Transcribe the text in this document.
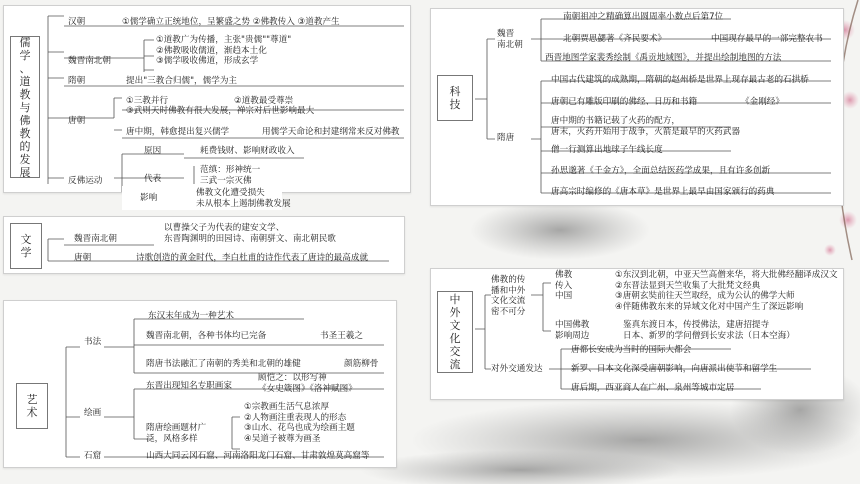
儒
学
、
道
教
与
佛
教
的
发
展
汉朝	①儒学确立正统地位，呈繁盛之势 ②佛教传入 ③道教产生
魏晋南北朝
①道教广为传播，主张"贵儒""尊道"
②佛教吸收儒道，渐趋本土化
③儒学吸收佛道，形成玄学
隋朝	提出"三教合归儒"，儒学为主
唐朝
①三教并行	②道教最受尊崇
③武则天时佛教有很大发展，禅宗对后世影响最大
唐中期，韩愈提出复兴儒学	用儒学天命论和封建纲常来反对佛教
反佛运动
原因	耗费钱财、影响财政收入
代表
范缜：形神统一
三武一宗灭佛
影响	佛教文化遭受损失
未从根本上遏制佛教发展
文
学
魏晋南北朝
以曹操父子为代表的建安文学、
东晋陶渊明的田园诗、南朝骈文、南北朝民歌
唐朝	诗歌创造的黄金时代，李白杜甫的诗作代表了唐诗的最高成就
艺
术
东汉末年成为一种艺术
书法
魏晋南北朝，各种书体均已完备	书圣王羲之
隋唐书法融汇了南朝的秀美和北朝的雄健	颜筋柳骨
绘画
东晋出现知名专职画家
顾恺之：以形写神
《女史箴图》《洛神赋图》
隋唐绘画题材广
泛，风格多样
①宗教画生活气息浓厚
②人物画注重表现人的形态
③山水、花鸟也成为绘画主题
④吴道子被尊为画圣
石窟	山西大同云冈石窟、河南洛阳龙门石窟、甘肃敦煌莫高窟等
科
技
魏晋
南北朝
南朝祖冲之精确算出圆周率小数点后第7位
北朝贾思勰著《齐民要术》	中国现存最早的一部完整农书
西晋地图学家裴秀绘制《禹贡地域图》，并提出绘制地图的方法
隋唐
中国古代建筑的成熟期，隋朝的赵州桥是世界上现存最古老的石拱桥
唐朝已有雕版印刷的佛经、日历和书籍	《金刚经》
唐中期的书籍记载了火药的配方，
唐末，火药开始用于战争，火箭是最早的火药武器
僧一行测算出地球子午线长度
孙思邈著《千金方》，全面总结医药学成果，且有许多创新
唐高宗时编修的《唐本草》是世界上最早由国家颁行的药典
中
外
文
化
交
流
佛教的传
播和中外
文化交流
密不可分
佛教
传入
中国
①东汉到北朝，中亚天竺高僧来华，将大批佛经翻译成汉文
②东晋法显到天竺收集了大批梵文经典
③唐朝玄奘前往天竺取经，成为公认的佛学大师
④伴随佛教东来的异域文化对中国产生了深远影响
中国佛教
影响周边
鉴真东渡日本，传授佛法，建唐招提寺
日本、新罗的学问僧到长安求法（日本空海）
对外交通发达
唐都长安成为当时的国际大都会
新罗、日本文化深受唐朝影响，向唐派出使节和留学生
唐后期，西亚商人在广州、泉州等城市定居
